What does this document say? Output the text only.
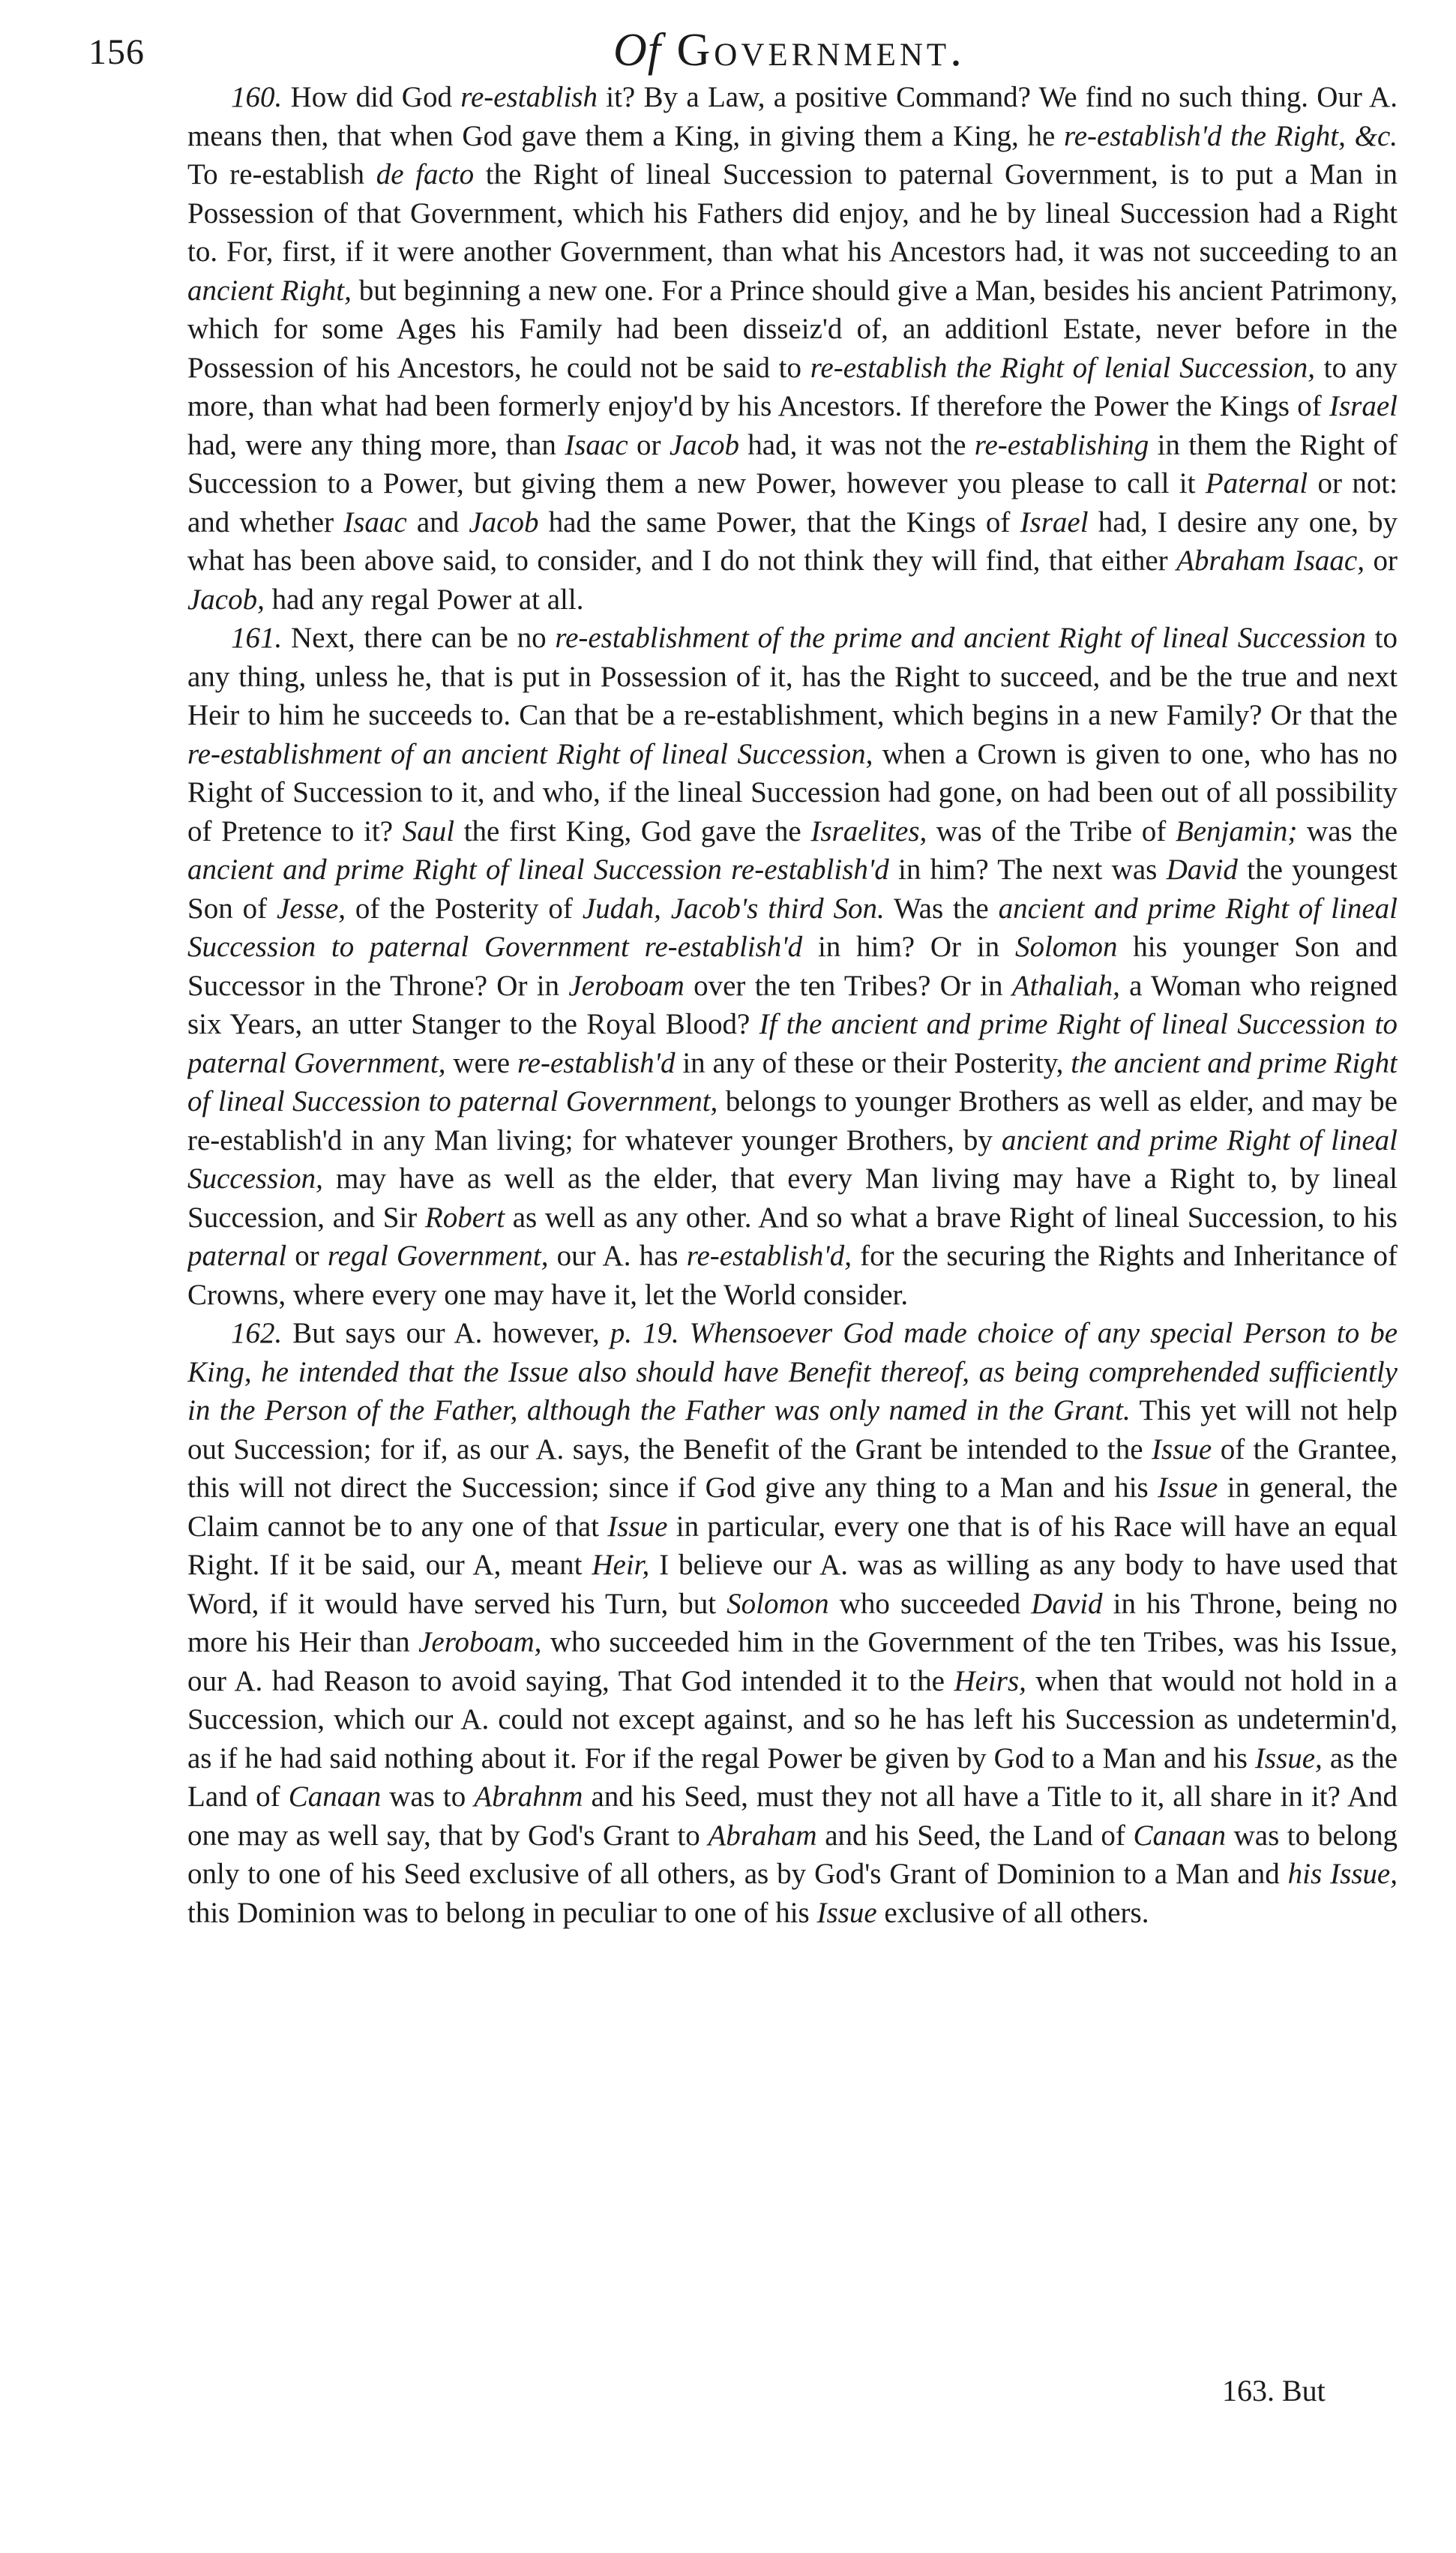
156	Of Government.

160. How did God re-establish it? By a Law, a positive Command? We find no such thing. Our A. means then, that when God gave them a King, in giving them a King, he re-establish'd the Right, &c. To re-establish de facto the Right of lineal Succession to paternal Government, is to put a Man in Possession of that Government, which his Fathers did enjoy, and he by lineal Succession had a Right to. For, first, if it were another Government, than what his Ancestors had, it was not succeeding to an ancient Right, but beginning a new one. For a Prince should give a Man, besides his ancient Patrimony, which for some Ages his Family had been disseiz'd of, an additionl Estate, never before in the Possession of his Ancestors, he could not be said to re-establish the Right of lenial Succession, to any more, than what had been formerly enjoy'd by his Ancestors. If therefore the Power the Kings of Israel had, were any thing more, than Isaac or Jacob had, it was not the re-establishing in them the Right of Succession to a Power, but giving them a new Power, however you please to call it Paternal or not: and whether Isaac and Jacob had the same Power, that the Kings of Israel had, I desire any one, by what has been above said, to consider, and I do not think they will find, that either Abraham Isaac, or Jacob, had any regal Power at all.

161. Next, there can be no re-establishment of the prime and ancient Right of lineal Succession to any thing, unless he, that is put in Possession of it, has the Right to succeed, and be the true and next Heir to him he succeeds to. Can that be a re-establishment, which begins in a new Family? Or that the re-establishment of an ancient Right of lineal Succession, when a Crown is given to one, who has no Right of Succession to it, and who, if the lineal Succession had gone, on had been out of all possibility of Pretence to it? Saul the first King, God gave the Israelites, was of the Tribe of Benjamin; was the ancient and prime Right of lineal Succession re-establish'd in him? The next was David the youngest Son of Jesse, of the Posterity of Judah, Jacob's third Son. Was the ancient and prime Right of lineal Succession to paternal Government re-establish'd in him? Or in Solomon his younger Son and Successor in the Throne? Or in Jeroboam over the ten Tribes? Or in Athaliah, a Woman who reigned six Years, an utter Stanger to the Royal Blood? If the ancient and prime Right of lineal Succession to paternal Government, were re-establish'd in any of these or their Posterity, the ancient and prime Right of lineal Succession to paternal Government, belongs to younger Brothers as well as elder, and may be re-establish'd in any Man living; for whatever younger Brothers, by ancient and prime Right of lineal Succession, may have as well as the elder, that every Man living may have a Right to, by lineal Succession, and Sir Robert as well as any other. And so what a brave Right of lineal Succession, to his paternal or regal Government, our A. has re-establish'd, for the securing the Rights and Inheritance of Crowns, where every one may have it, let the World consider.

162. But says our A. however, p. 19. Whensoever God made choice of any special Person to be King, he intended that the Issue also should have Benefit thereof, as being comprehended sufficiently in the Person of the Father, although the Father was only named in the Grant. This yet will not help out Succession; for if, as our A. says, the Benefit of the Grant be intended to the Issue of the Grantee, this will not direct the Succession; since if God give any thing to a Man and his Issue in general, the Claim cannot be to any one of that Issue in particular, every one that is of his Race will have an equal Right. If it be said, our A, meant Heir, I believe our A. was as willing as any body to have used that Word, if it would have served his Turn, but Solomon who succeeded David in his Throne, being no more his Heir than Jeroboam, who succeeded him in the Government of the ten Tribes, was his Issue, our A. had Reason to avoid saying, That God intended it to the Heirs, when that would not hold in a Succession, which our A. could not except against, and so he has left his Succession as undetermin'd, as if he had said nothing about it. For if the regal Power be given by God to a Man and his Issue, as the Land of Canaan was to Abrahnm and his Seed, must they not all have a Title to it, all share in it? And one may as well say, that by God's Grant to Abraham and his Seed, the Land of Canaan was to belong only to one of his Seed exclusive of all others, as by God's Grant of Dominion to a Man and his Issue, this Dominion was to belong in peculiar to one of his Issue exclusive of all others.

163. But
